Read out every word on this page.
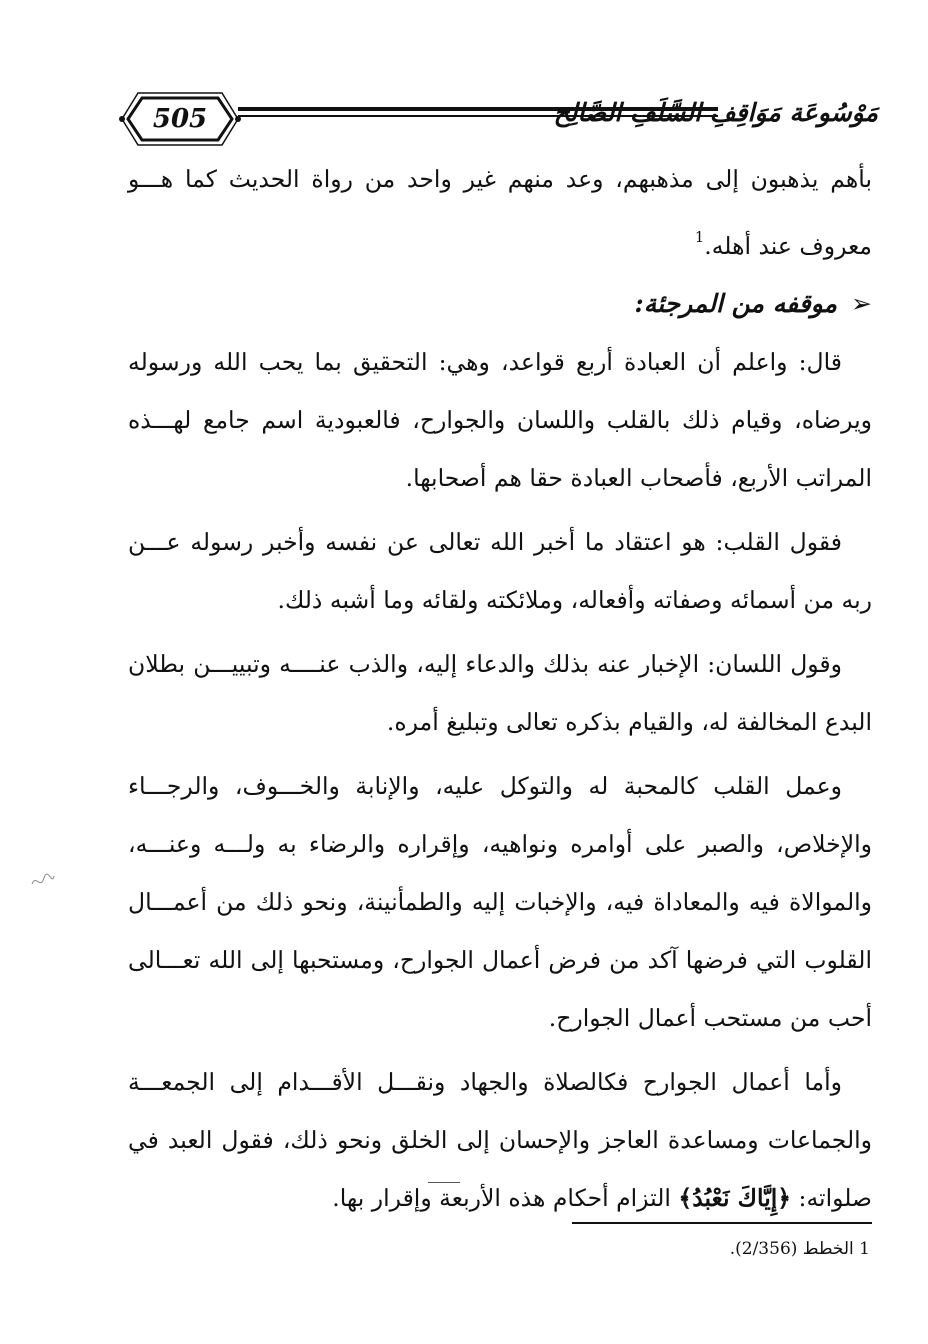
505	مَوْسُوعَة مَوَاقِفِ السَّلَفِ الصَّالِح

بأهم يذهبون إلى مذهبهم، وعد منهم غير واحد من رواة الحديث كما هـــو معروف عند أهله.$^1$

➢موقفه من المرجئة:

قال: واعلم أن العبادة أربع قواعد، وهي: التحقيق بما يحب الله ورسوله ويرضاه، وقيام ذلك بالقلب واللسان والجوارح، فالعبودية اسم جامع لهـــذه المراتب الأربع، فأصحاب العبادة حقا هم أصحابها.

فقول القلب: هو اعتقاد ما أخبر الله تعالى عن نفسه وأخبر رسوله عـــن ربه من أسمائه وصفاته وأفعاله، وملائكته ولقائه وما أشبه ذلك.

وقول اللسان: الإخبار عنه بذلك والدعاء إليه، والذب عنــــه وتبييـــن بطلان البدع المخالفة له، والقيام بذكره تعالى وتبليغ أمره.

وعمل القلب كالمحبة له والتوكل عليه، والإنابة والخـــوف، والرجـــاء والإخلاص، والصبر على أوامره ونواهيه، وإقراره والرضاء به ولـــه وعنـــه، والموالاة فيه والمعاداة فيه، والإخبات إليه والطمأنينة، ونحو ذلك من أعمـــال القلوب التي فرضها آكد من فرض أعمال الجوارح، ومستحبها إلى الله تعـــالى أحب من مستحب أعمال الجوارح.

وأما أعمال الجوارح فكالصلاة والجهاد ونقـــل الأقـــدام إلى الجمعـــة والجماعات ومساعدة العاجز والإحسان إلى الخلق ونحو ذلك، فقول العبد في صلواته: ﴿إِيَّاكَ نَعْبُدُ﴾ التزام أحكام هذه الأربعة وإقرار بها.

1 الخطط (2/356).
